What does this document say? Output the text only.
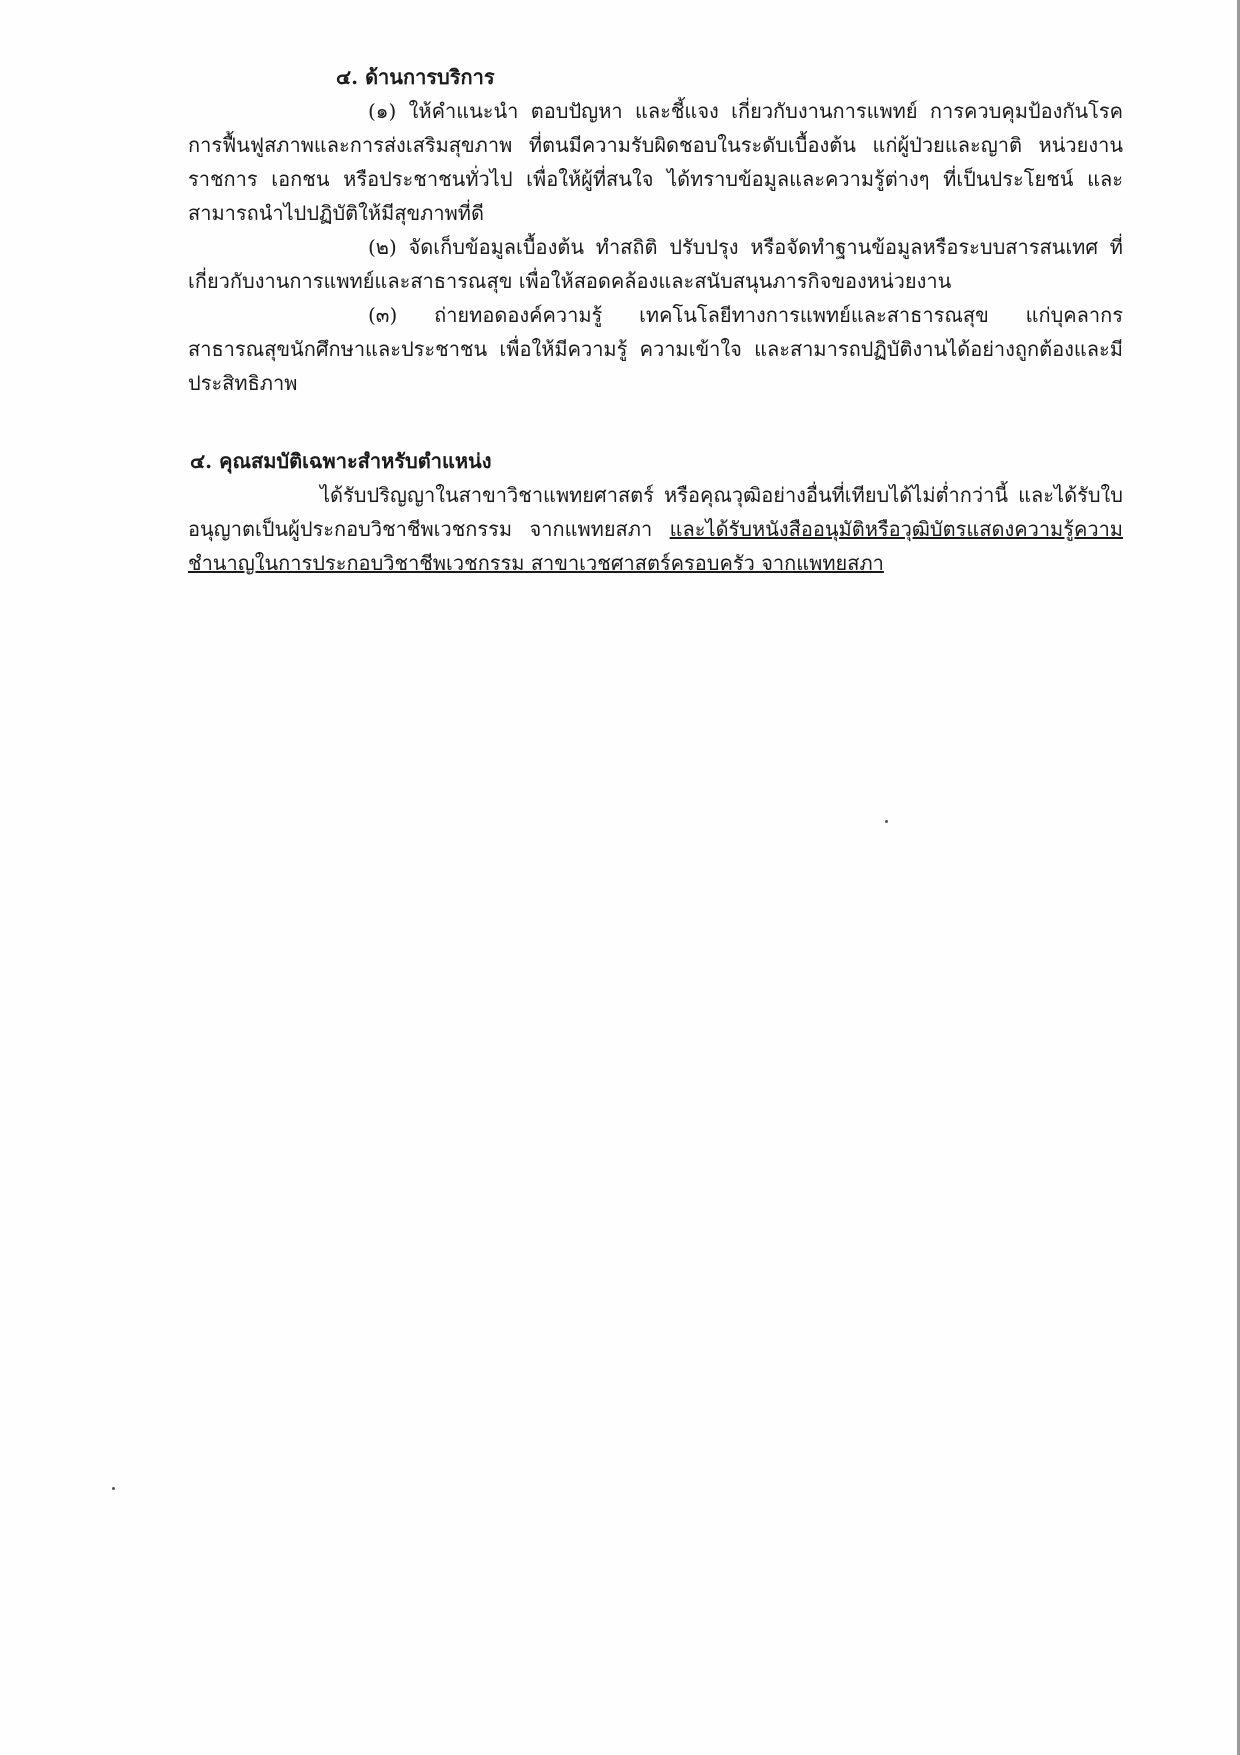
๔. ด้านการบริการ

(๑) ให้คำแนะนำ ตอบปัญหา และชี้แจง เกี่ยวกับงานการแพทย์ การควบคุมป้องกันโรค การฟื้นฟูสภาพและการส่งเสริมสุขภาพ ที่ตนมีความรับผิดชอบในระดับเบื้องต้น แก่ผู้ป่วยและญาติ หน่วยงานราชการ เอกชน หรือประชาชนทั่วไป เพื่อให้ผู้ที่สนใจ ได้ทราบข้อมูลและความรู้ต่างๆ ที่เป็นประโยชน์ และสามารถนำไปปฏิบัติให้มีสุขภาพที่ดี

(๒) จัดเก็บข้อมูลเบื้องต้น ทำสถิติ ปรับปรุง หรือจัดทำฐานข้อมูลหรือระบบสารสนเทศ ที่เกี่ยวกับงานการแพทย์และสาธารณสุข เพื่อให้สอดคล้องและสนับสนุนภารกิจของหน่วยงาน

(๓) ถ่ายทอดองค์ความรู้ เทคโนโลยีทางการแพทย์และสาธารณสุข แก่บุคลากรสาธารณสุขนักศึกษาและประชาชน เพื่อให้มีความรู้ ความเข้าใจ และสามารถปฏิบัติงานได้อย่างถูกต้องและมีประสิทธิภาพ

๔. คุณสมบัติเฉพาะสำหรับตำแหน่ง

ได้รับปริญญาในสาขาวิชาแพทยศาสตร์ หรือคุณวุฒิอย่างอื่นที่เทียบได้ไม่ต่ำกว่านี้ และได้รับใบอนุญาตเป็นผู้ประกอบวิชาชีพเวชกรรม จากแพทยสภา และได้รับหนังสืออนุมัติหรือวุฒิบัตรแสดงความรู้ความชำนาญในการประกอบวิชาชีพเวชกรรม สาขาเวชศาสตร์ครอบครัว จากแพทยสภา
